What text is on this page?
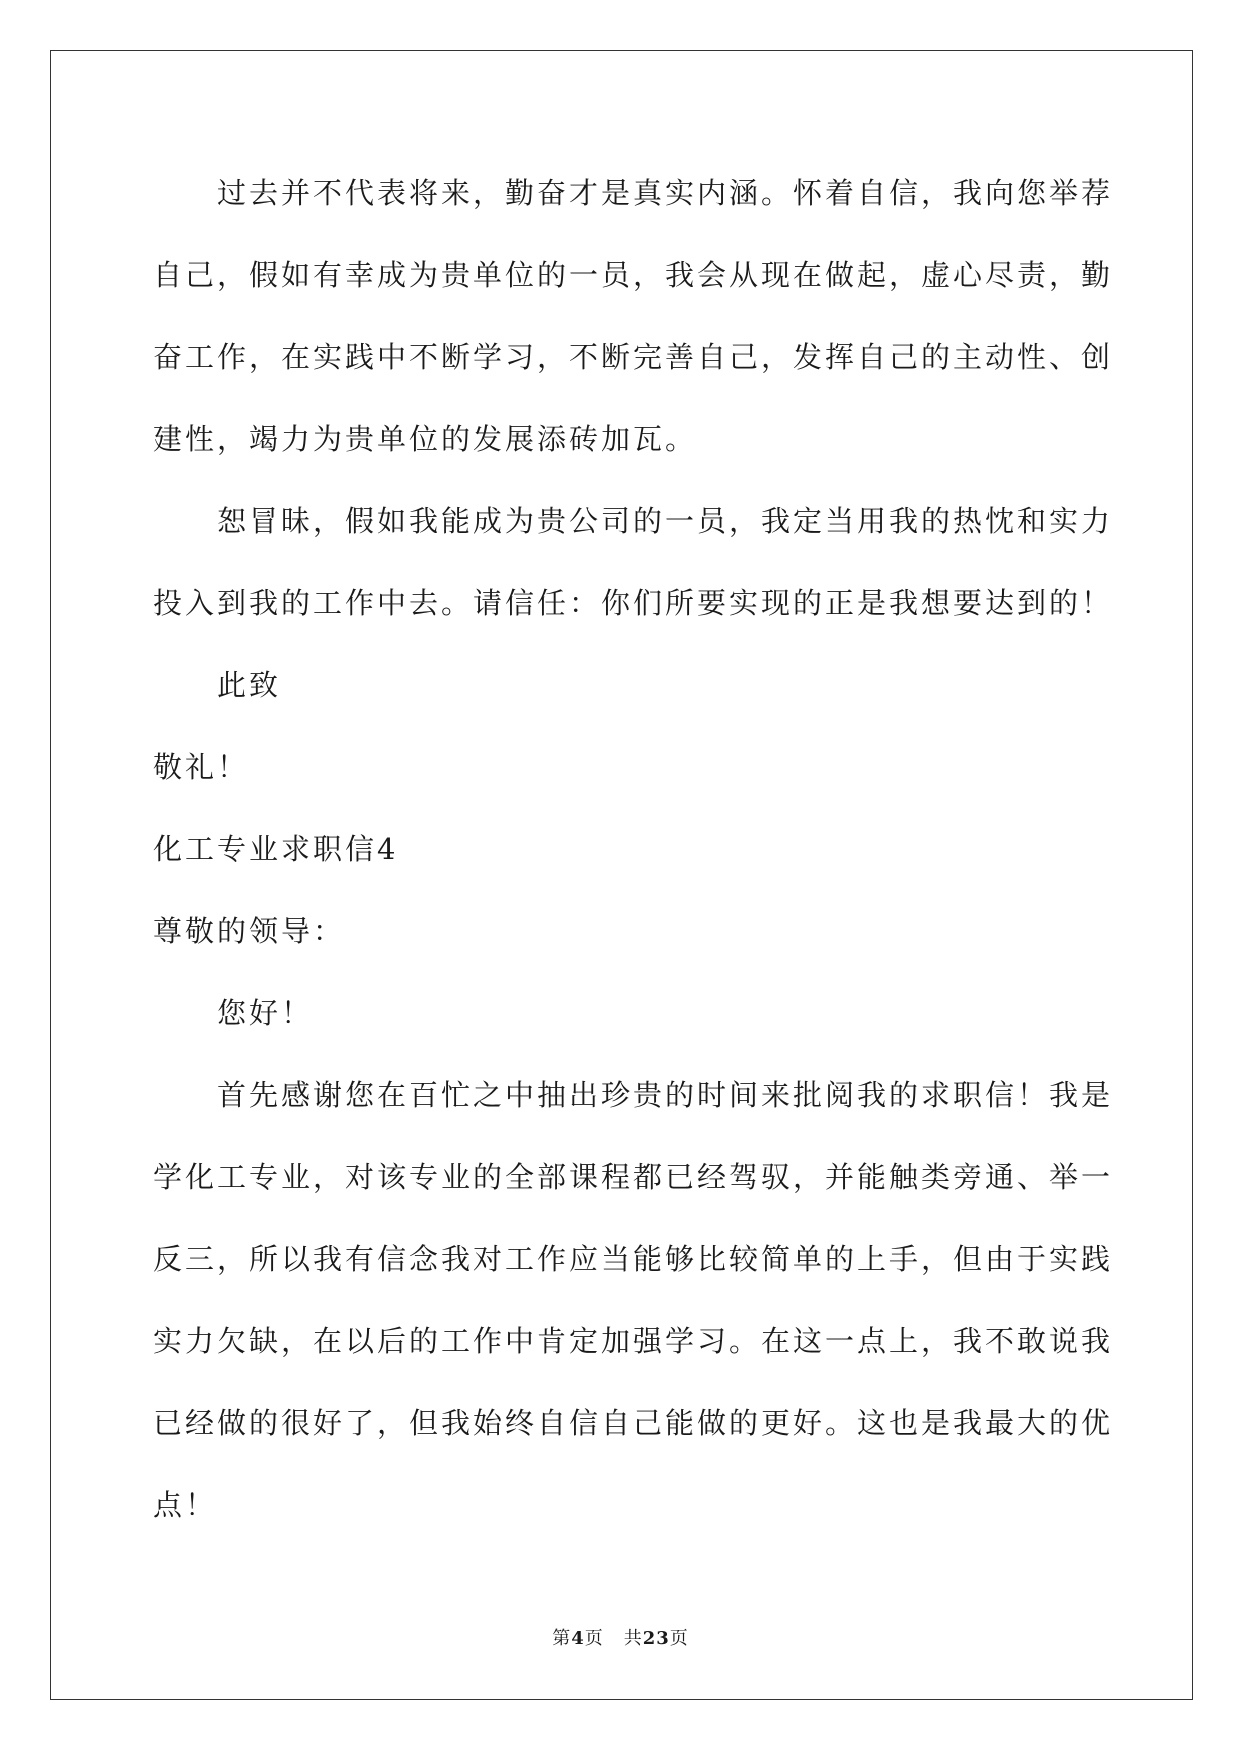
　　过去并不代表将来，勤奋才是真实内涵。怀着自信，我向您举荐

自己，假如有幸成为贵单位的一员，我会从现在做起，虚心尽责，勤

奋工作，在实践中不断学习，不断完善自己，发挥自己的主动性、创

建性，竭力为贵单位的发展添砖加瓦。

　　恕冒昧，假如我能成为贵公司的一员，我定当用我的热忱和实力

投入到我的工作中去。请信任：你们所要实现的正是我想要达到的！

　　此致

敬礼！

化工专业求职信4

尊敬的领导：

　　您好！

　　首先感谢您在百忙之中抽出珍贵的时间来批阅我的求职信！我是

学化工专业，对该专业的全部课程都已经驾驭，并能触类旁通、举一

反三，所以我有信念我对工作应当能够比较简单的上手，但由于实践

实力欠缺，在以后的工作中肯定加强学习。在这一点上，我不敢说我

已经做的很好了，但我始终自信自己能做的更好。这也是我最大的优

点！

第4页 共23页
